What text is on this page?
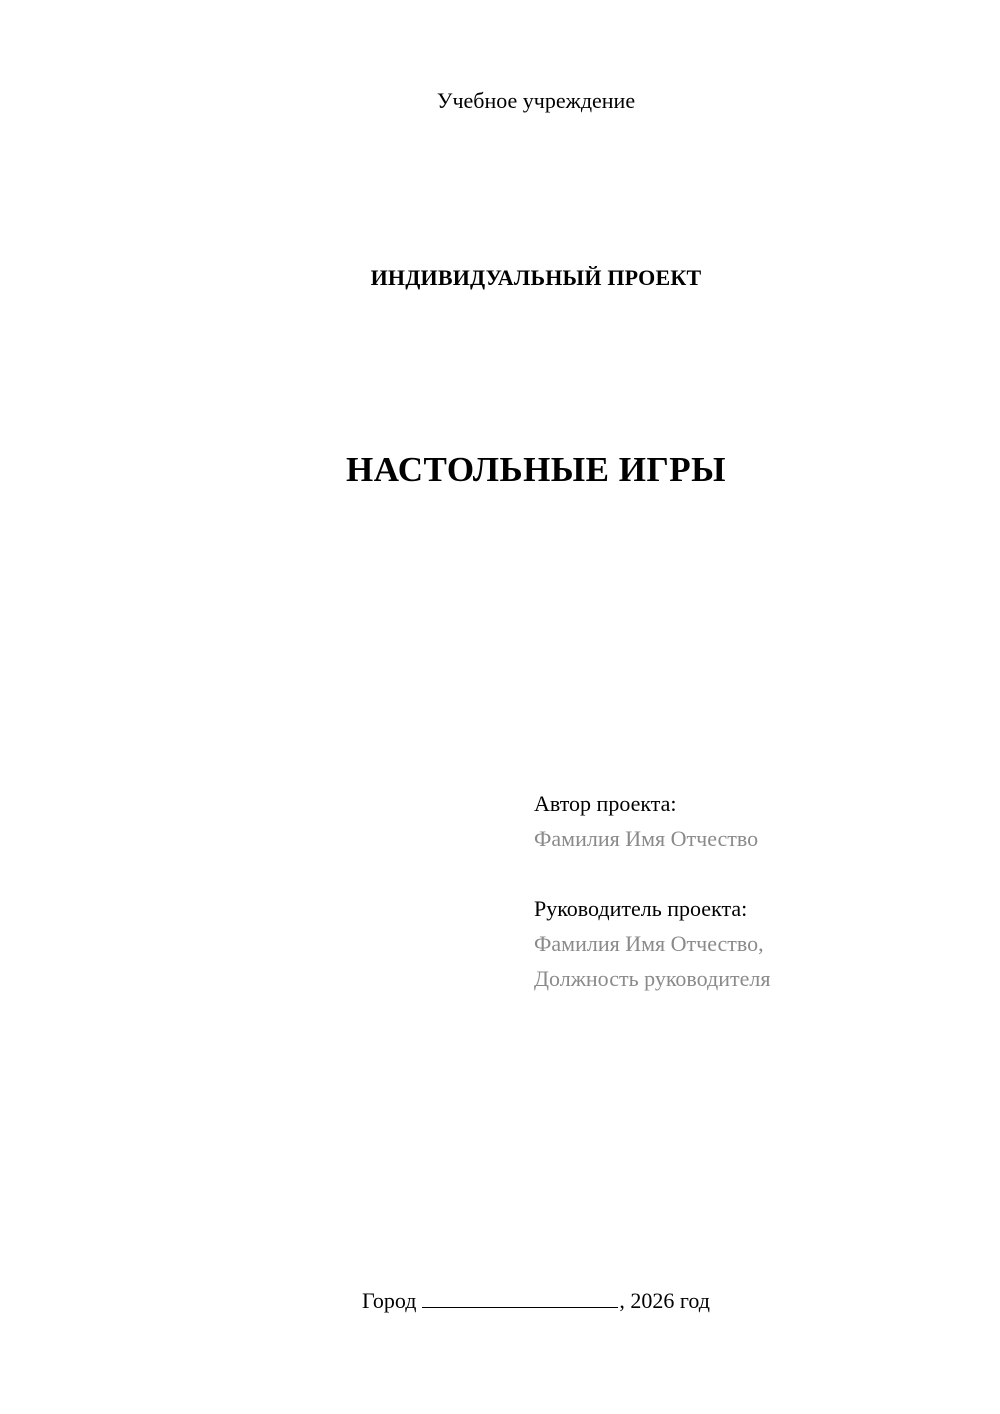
Учебное учреждение
ИНДИВИДУАЛЬНЫЙ ПРОЕКТ
НАСТОЛЬНЫЕ ИГРЫ
Автор проекта:
Фамилия Имя Отчество
Руководитель проекта:
Фамилия Имя Отчество,
Должность руководителя
Город	, 2026 год
